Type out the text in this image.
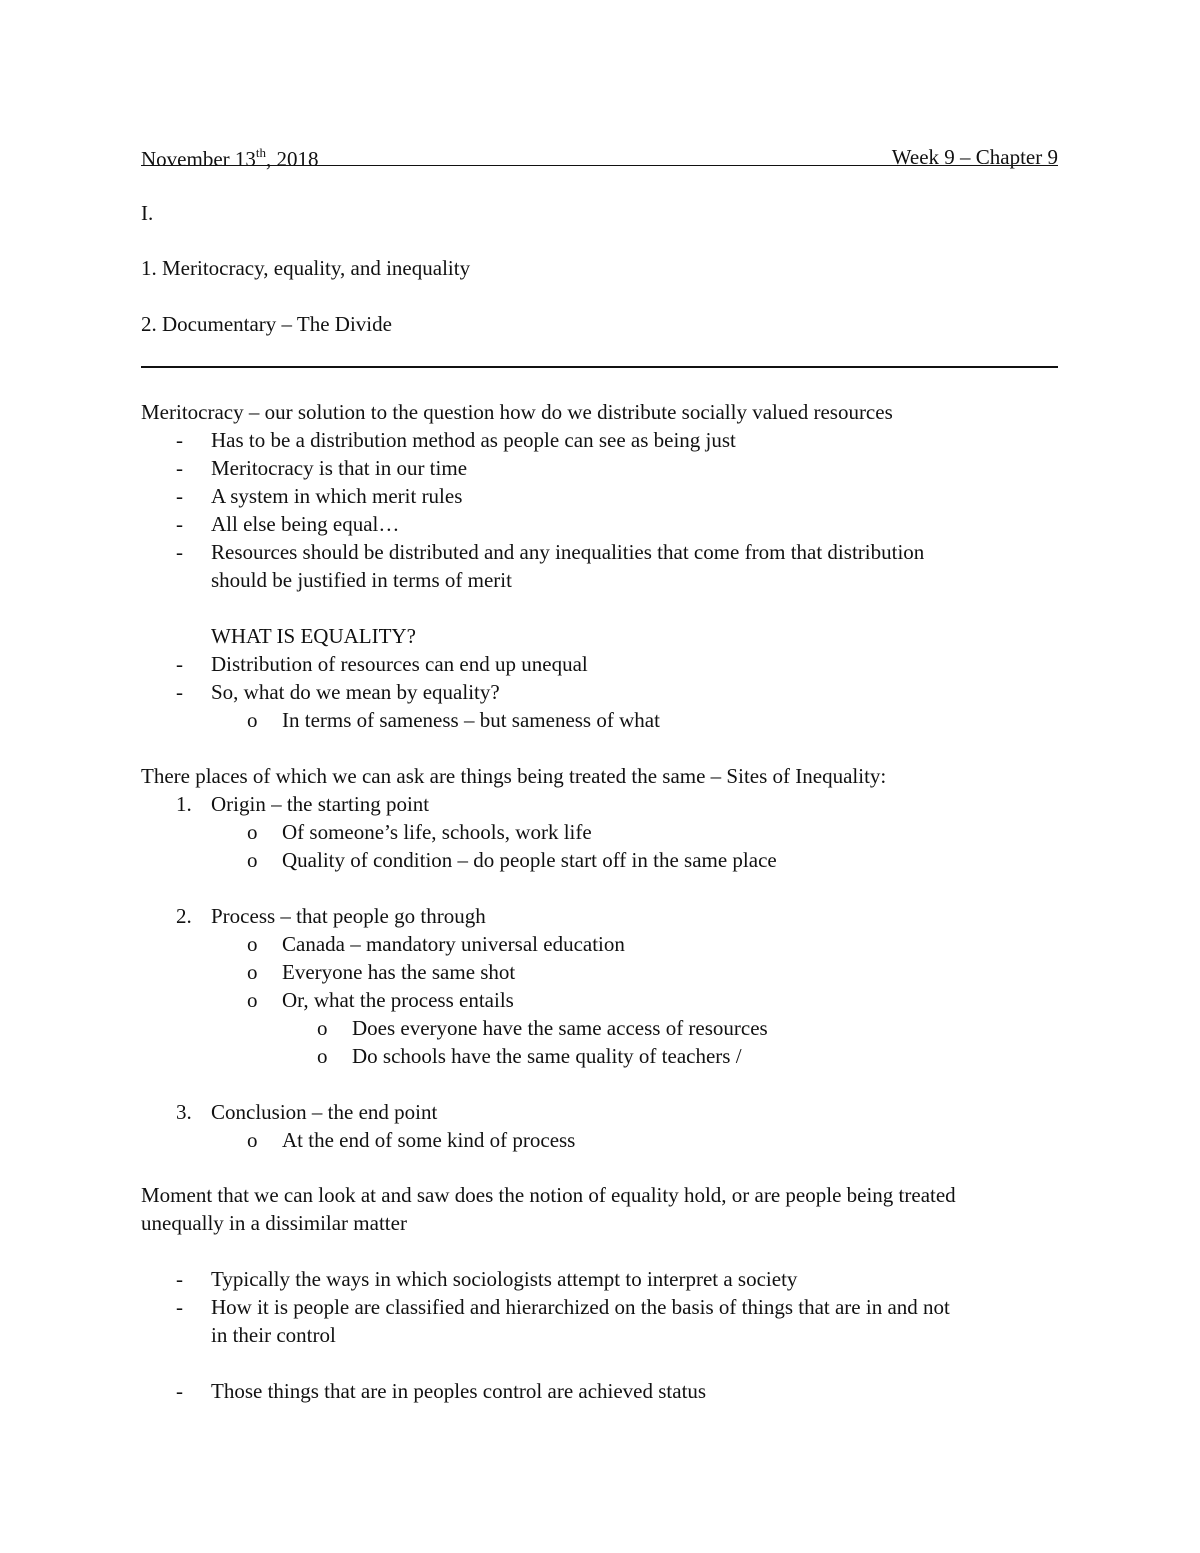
November 13th, 2018	Week 9 – Chapter 9
I.
1. Meritocracy, equality, and inequality
2. Documentary – The Divide
Meritocracy – our solution to the question how do we distribute socially valued resources
- Has to be a distribution method as people can see as being just
- Meritocracy is that in our time
- A system in which merit rules
- All else being equal…
- Resources should be distributed and any inequalities that come from that distribution
should be justified in terms of merit
WHAT IS EQUALITY?
- Distribution of resources can end up unequal
- So, what do we mean by equality?
o In terms of sameness – but sameness of what
There places of which we can ask are things being treated the same – Sites of Inequality:
1. Origin – the starting point
o Of someone’s life, schools, work life
o Quality of condition – do people start off in the same place
2. Process – that people go through
o Canada – mandatory universal education
o Everyone has the same shot
o Or, what the process entails
o Does everyone have the same access of resources
o Do schools have the same quality of teachers /
3. Conclusion – the end point
o At the end of some kind of process
Moment that we can look at and saw does the notion of equality hold, or are people being treated
unequally in a dissimilar matter
- Typically the ways in which sociologists attempt to interpret a society
- How it is people are classified and hierarchized on the basis of things that are in and not
in their control
- Those things that are in peoples control are achieved status
